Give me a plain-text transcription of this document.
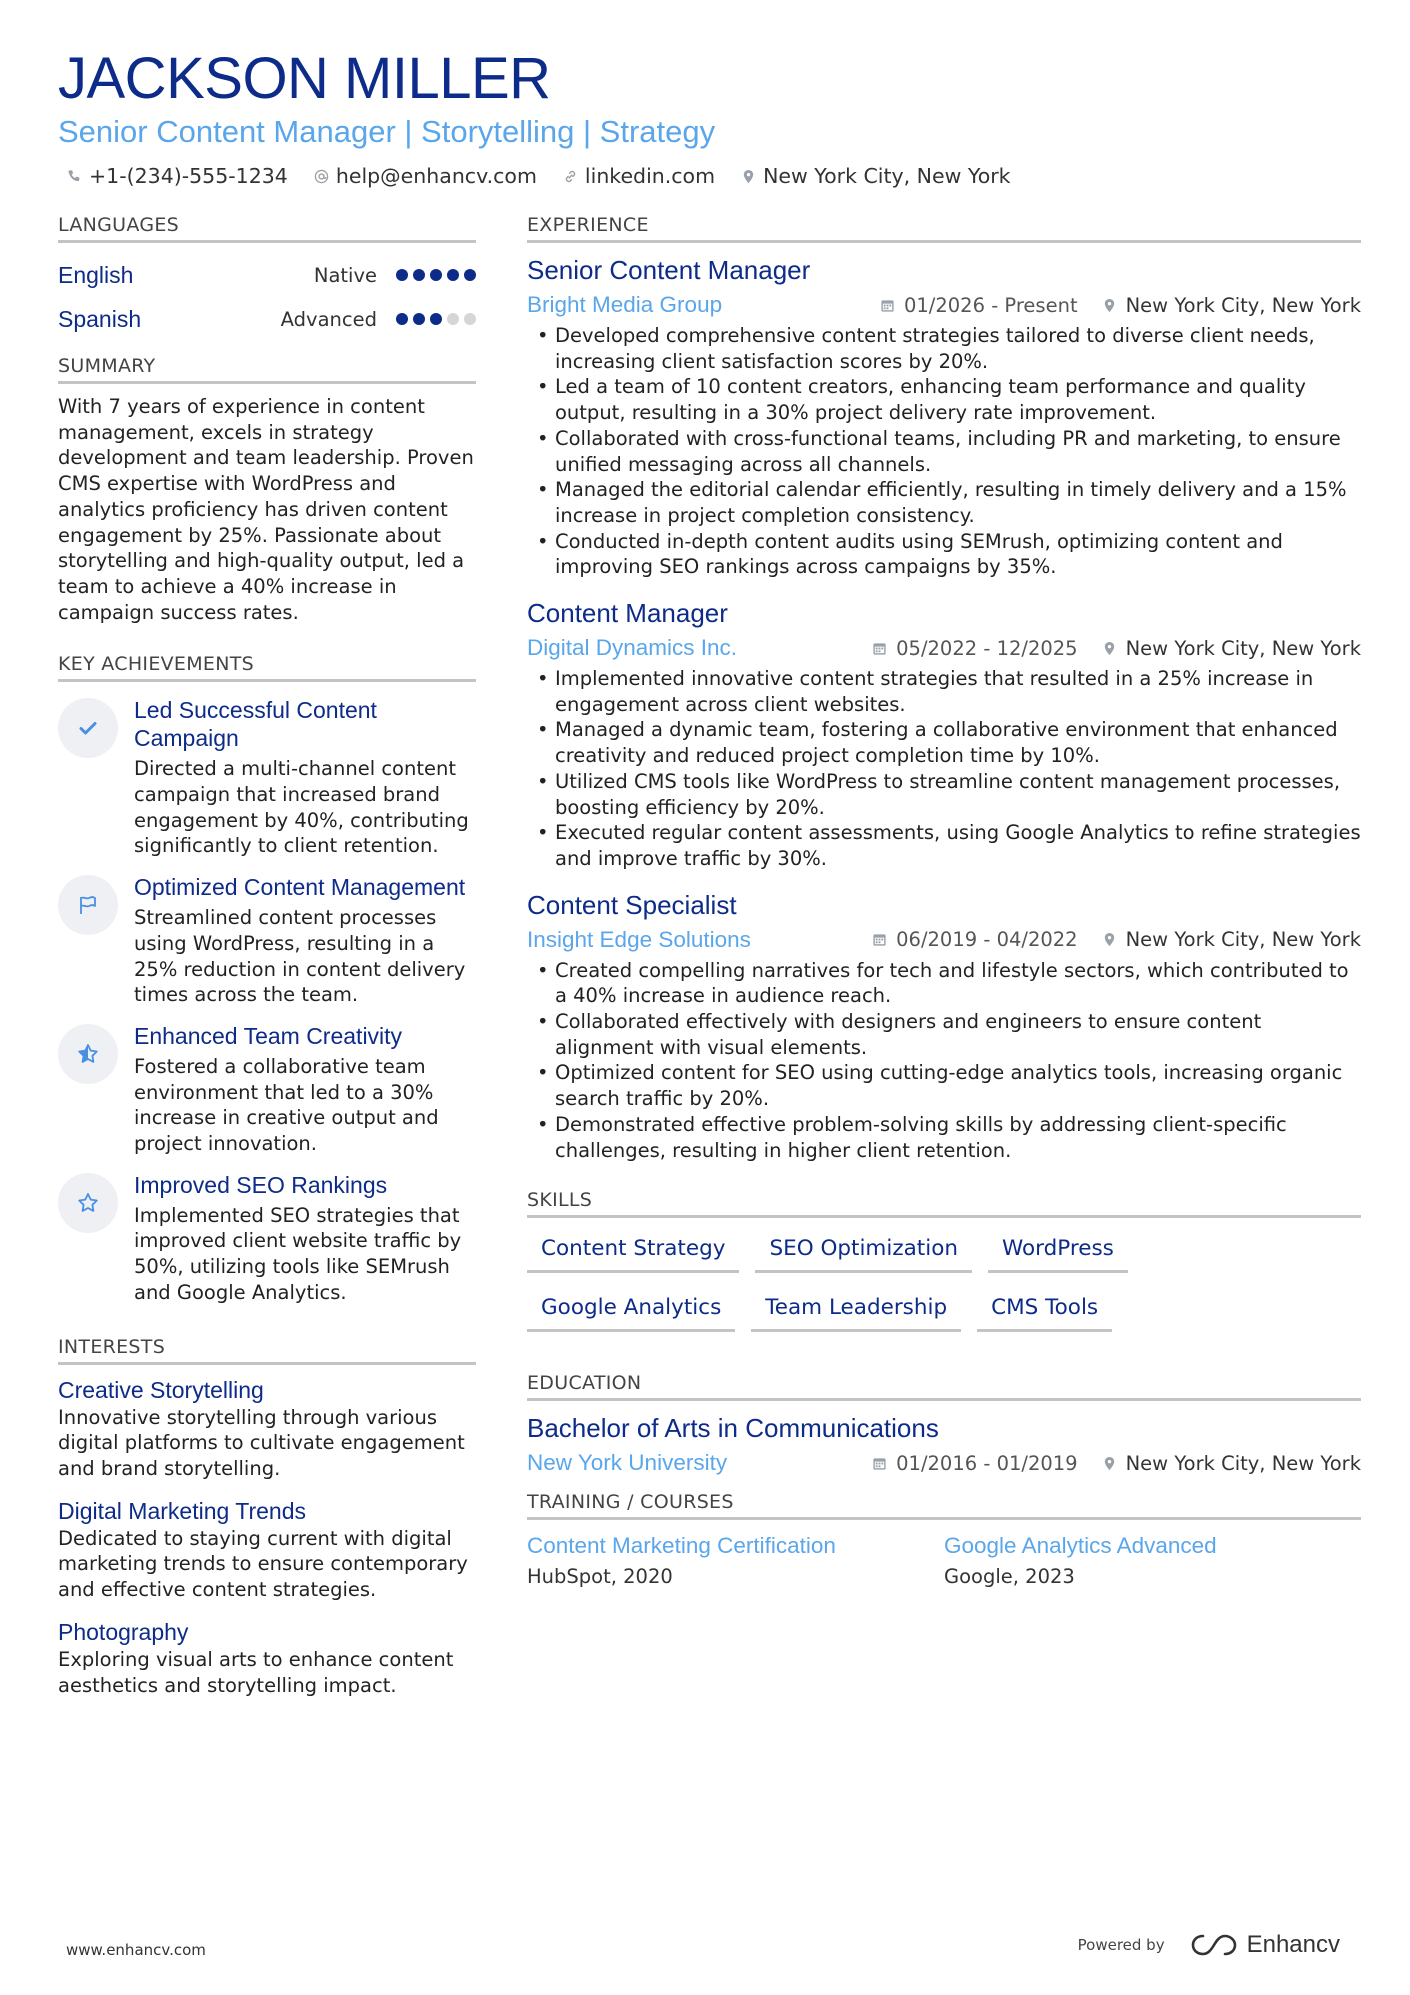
JACKSON MILLER
Senior Content Manager | Storytelling | Strategy
+1-(234)-555-1234 help@enhancv.com linkedin.com New York City, New York
LANGUAGES
English	Native
Spanish	Advanced
SUMMARY
With 7 years of experience in content management, excels in strategy development and team leadership. Proven CMS expertise with WordPress and analytics proficiency has driven content engagement by 25%. Passionate about storytelling and high-quality output, led a team to achieve a 40% increase in campaign success rates.
KEY ACHIEVEMENTS
Led Successful Content Campaign
Directed a multi-channel content campaign that increased brand engagement by 40%, contributing significantly to client retention.
Optimized Content Management
Streamlined content processes using WordPress, resulting in a 25% reduction in content delivery times across the team.
Enhanced Team Creativity
Fostered a collaborative team environment that led to a 30% increase in creative output and project innovation.
Improved SEO Rankings
Implemented SEO strategies that improved client website traffic by 50%, utilizing tools like SEMrush and Google Analytics.
INTERESTS
Creative Storytelling
Innovative storytelling through various digital platforms to cultivate engagement and brand storytelling.
Digital Marketing Trends
Dedicated to staying current with digital marketing trends to ensure contemporary and effective content strategies.
Photography
Exploring visual arts to enhance content aesthetics and storytelling impact.
EXPERIENCE
Senior Content Manager
Bright Media Group	01/2026 - Present New York City, New York
• Developed comprehensive content strategies tailored to diverse client needs, increasing client satisfaction scores by 20%.
• Led a team of 10 content creators, enhancing team performance and quality output, resulting in a 30% project delivery rate improvement.
• Collaborated with cross-functional teams, including PR and marketing, to ensure unified messaging across all channels.
• Managed the editorial calendar efficiently, resulting in timely delivery and a 15% increase in project completion consistency.
• Conducted in-depth content audits using SEMrush, optimizing content and improving SEO rankings across campaigns by 35%.
Content Manager
Digital Dynamics Inc.	05/2022 - 12/2025 New York City, New York
• Implemented innovative content strategies that resulted in a 25% increase in engagement across client websites.
• Managed a dynamic team, fostering a collaborative environment that enhanced creativity and reduced project completion time by 10%.
• Utilized CMS tools like WordPress to streamline content management processes, boosting efficiency by 20%.
• Executed regular content assessments, using Google Analytics to refine strategies and improve traffic by 30%.
Content Specialist
Insight Edge Solutions	06/2019 - 04/2022 New York City, New York
• Created compelling narratives for tech and lifestyle sectors, which contributed to a 40% increase in audience reach.
• Collaborated effectively with designers and engineers to ensure content alignment with visual elements.
• Optimized content for SEO using cutting-edge analytics tools, increasing organic search traffic by 20%.
• Demonstrated effective problem-solving skills by addressing client-specific challenges, resulting in higher client retention.
SKILLS
Content Strategy	SEO Optimization	WordPress
Google Analytics	Team Leadership	CMS Tools
EDUCATION
Bachelor of Arts in Communications
New York University	01/2016 - 01/2019 New York City, New York
TRAINING / COURSES
Content Marketing Certification
HubSpot, 2020
Google Analytics Advanced
Google, 2023
www.enhancv.com	Powered by	Enhancv
